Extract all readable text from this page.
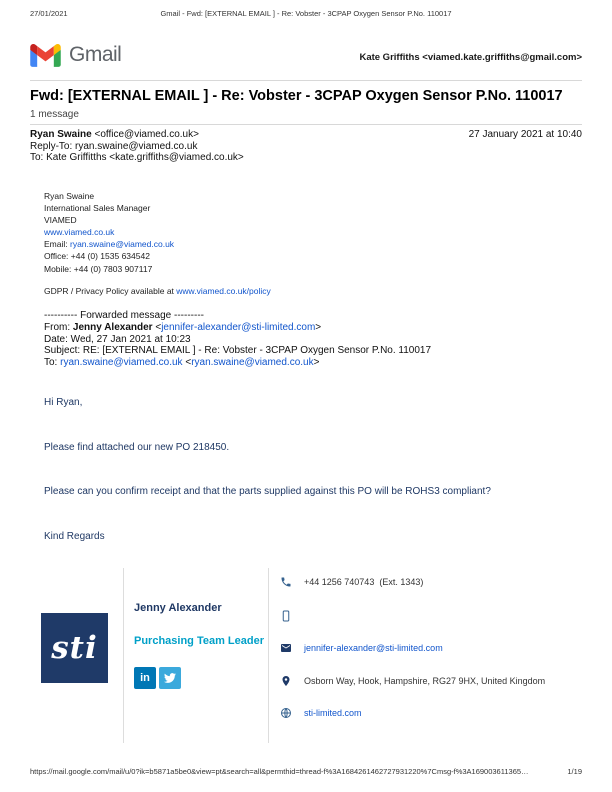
Gmail - Fwd: [EXTERNAL EMAIL ] - Re: Vobster - 3CPAP Oxygen Sensor P.No. 110017
27/01/2021
Gmail	Kate Griffiths <viamed.kate.griffiths@gmail.com>
Fwd: [EXTERNAL EMAIL ] - Re: Vobster - 3CPAP Oxygen Sensor P.No. 110017
1 message
Ryan Swaine <office@viamed.co.uk>
Reply-To: ryan.swaine@viamed.co.uk
To: Kate Griffitths <kate.griffiths@viamed.co.uk>
27 January 2021 at 10:40
Ryan Swaine
International Sales Manager
VIAMED
www.viamed.co.uk
Email: ryan.swaine@viamed.co.uk
Office: +44 (0) 1535 634542
Mobile: +44 (0) 7803 907117
GDPR / Privacy Policy available at www.viamed.co.uk/policy
---------- Forwarded message ---------
From: Jenny Alexander <jennifer-alexander@sti-limited.com>
Date: Wed, 27 Jan 2021 at 10:23
Subject: RE: [EXTERNAL EMAIL ] - Re: Vobster - 3CPAP Oxygen Sensor P.No. 110017
To: ryan.swaine@viamed.co.uk <ryan.swaine@viamed.co.uk>

Hi Ryan,

Please find attached our new PO 218450.

Please can you confirm receipt and that the parts supplied against this PO will be ROHS3 compliant?

Kind Regards

sti
Jenny Alexander
Purchasing Team Leader
in
+44 1256 740743  (Ext. 1343)
jennifer-alexander@sti-limited.com
Osborn Way, Hook, Hampshire, RG27 9HX, United Kingdom
sti-limited.com
https://mail.google.com/mail/u/0?ik=b5871a5be0&view=pt&search=all&permthid=thread-f%3A1684261462727931220%7Cmsg-f%3A169003611365…	1/19
